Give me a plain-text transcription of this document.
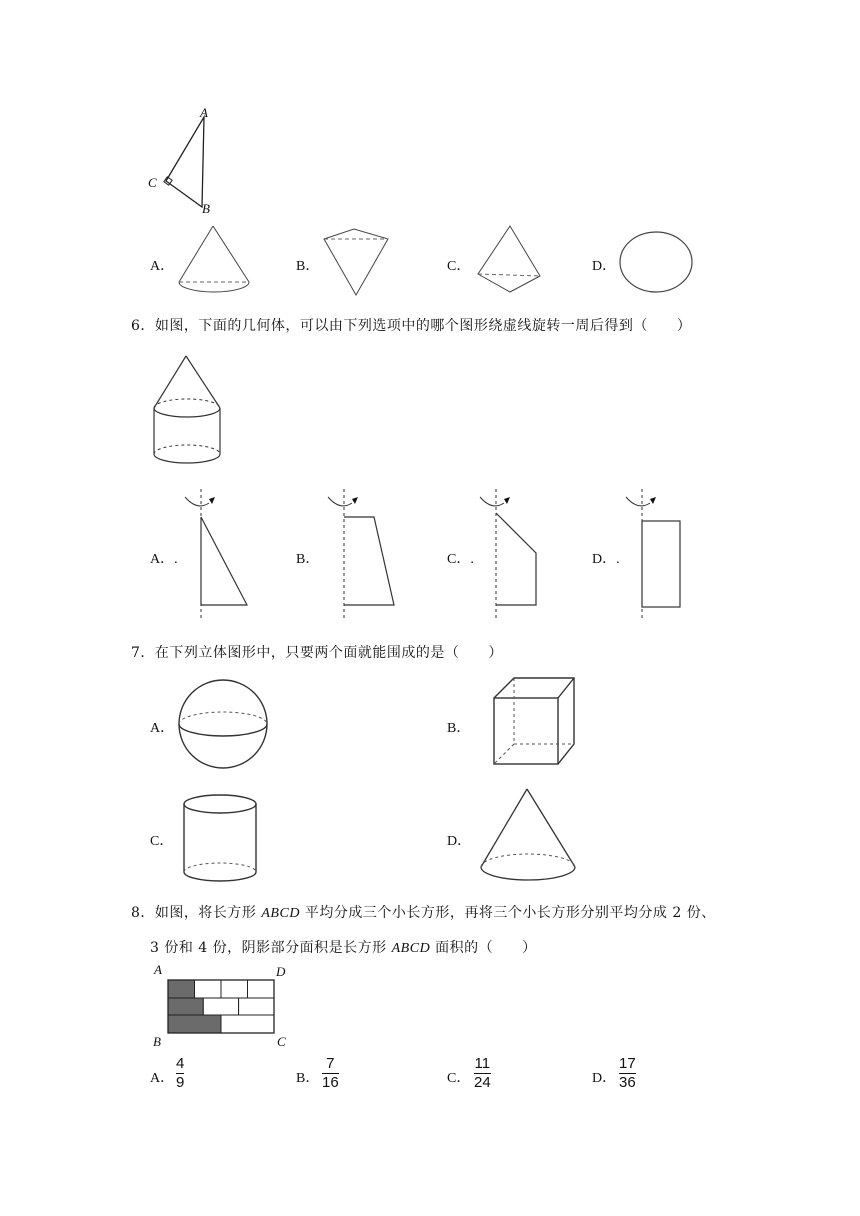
A
C
B
A．	B．	C．	D．
6．如图，下面的几何体，可以由下列选项中的哪个图形绕虚线旋转一周后得到（　　）
A．.	B．	C．.	D．.
7．在下列立体图形中，只要两个面就能围成的是（　　）
A．	B．
C．	D．
8．如图，将长方形 ABCD 平均分成三个小长方形，再将三个小长方形分别平均分成 2 份、
3 份和 4 份，阴影部分面积是长方形 ABCD 面积的（　　）
A	D
B	C
A．
4
9	B．
7
16	C．
11
24	D．
17
36
